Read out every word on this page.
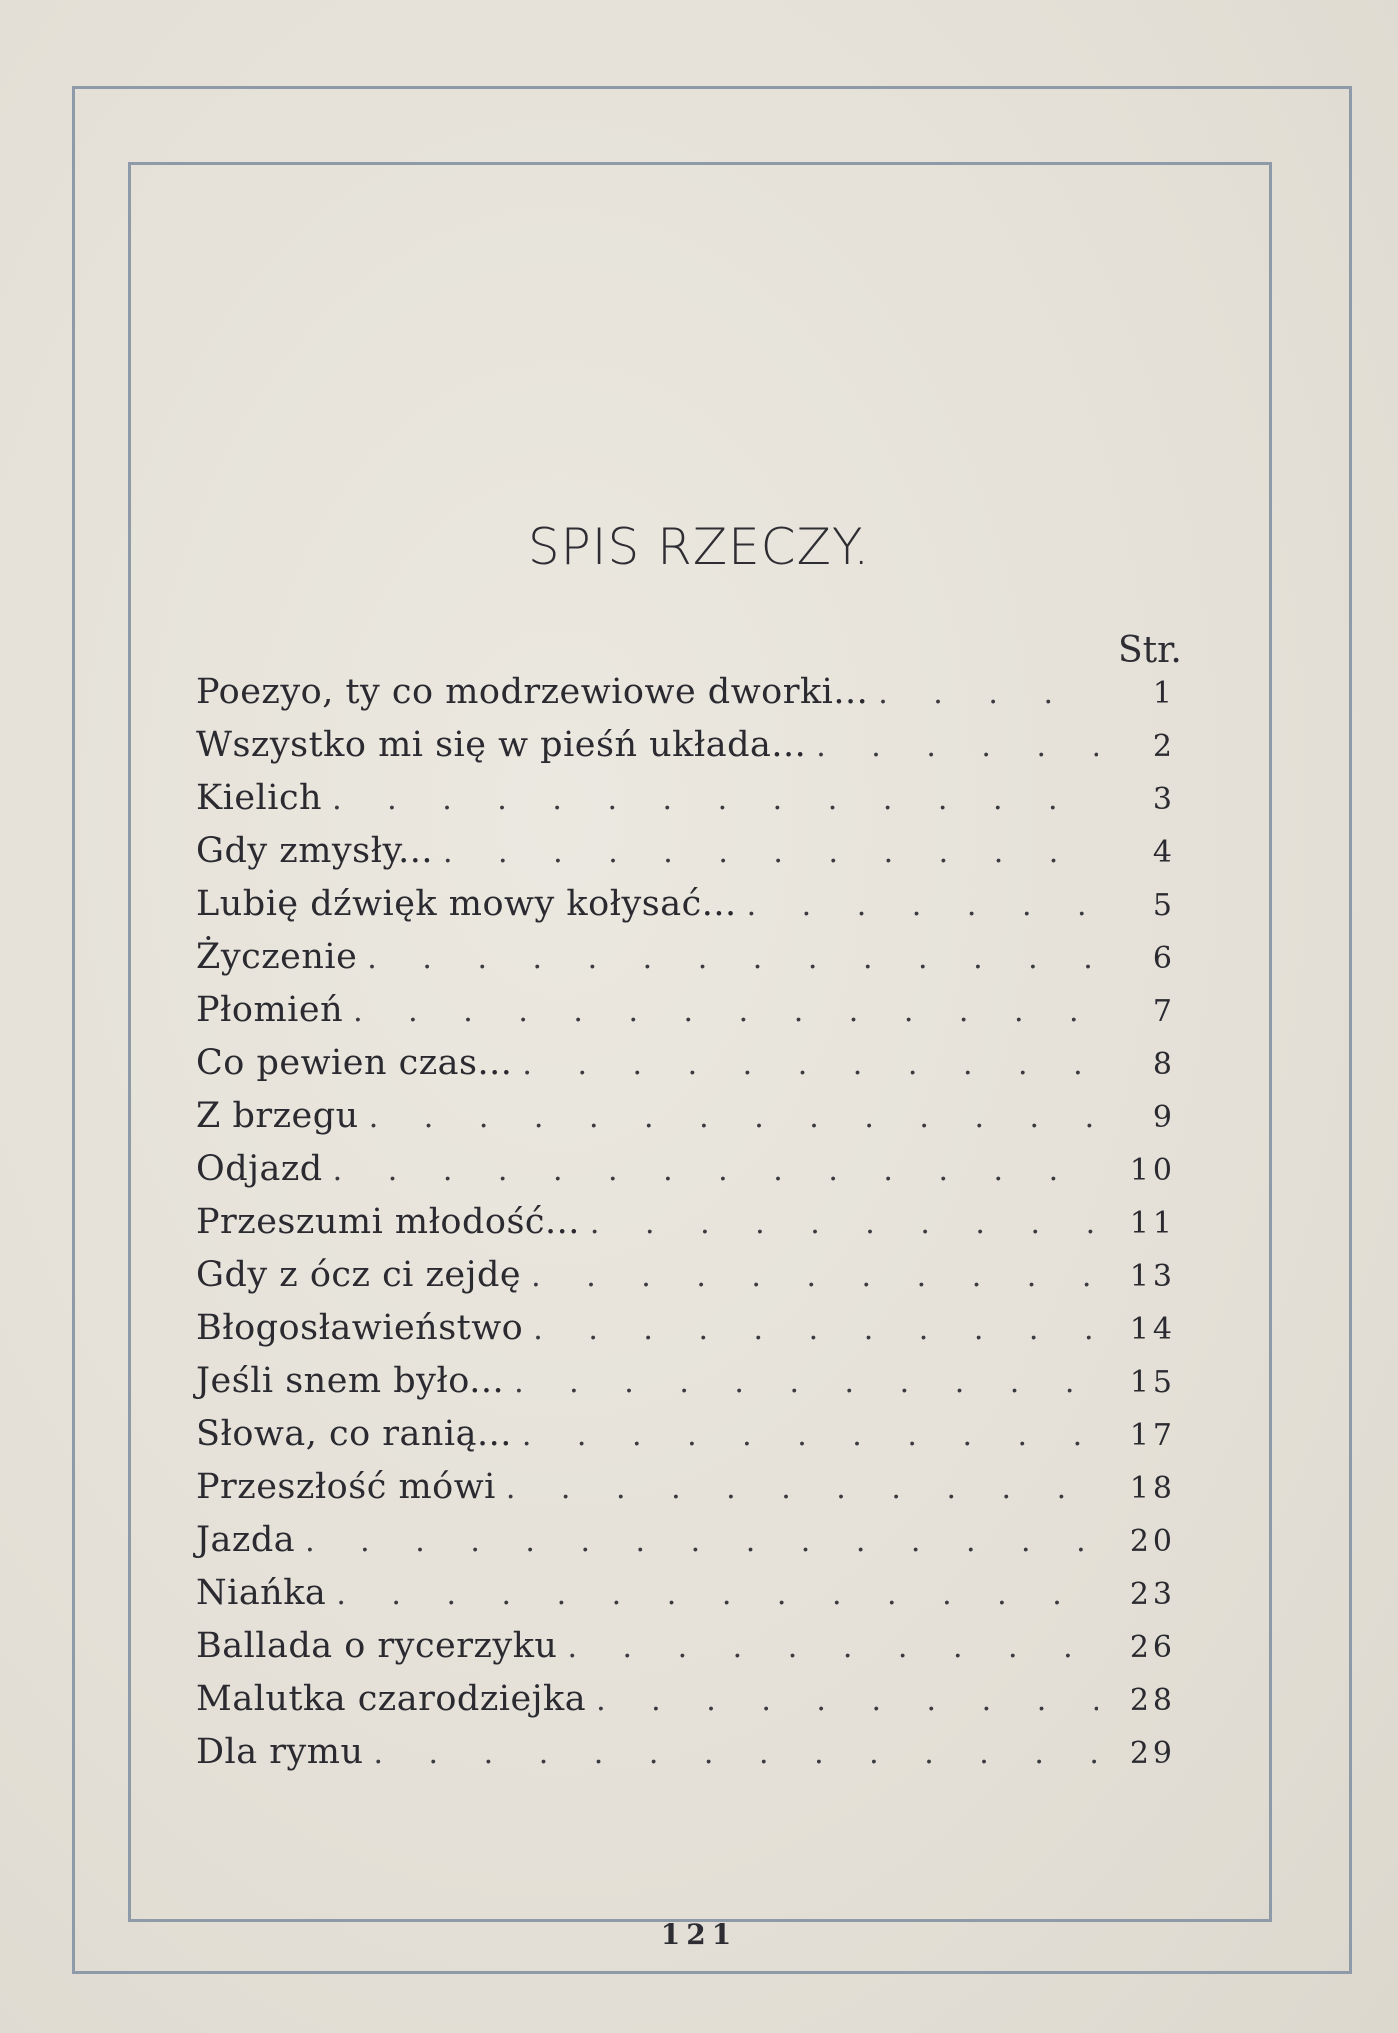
SPIS RZECZY.
Str.
Poezyo, ty co modrzewiowe dworki... . . .	1
Wszystko mi się w pieśń układa... . . .	2
Kielich . . .	3
Gdy zmysły... . . .	4
Lubię dźwięk mowy kołysać... . . .	5
Życzenie . . .	6
Płomień . . .	7
Co pewien czas... . . .	8
Z brzegu . . .	9
Odjazd . . .	10
Przeszumi młodość... . . .	11
Gdy z ócz ci zejdę . . .	13
Błogosławieństwo . . .	14
Jeśli snem było... . . .	15
Słowa, co ranią... . . .	17
Przeszłość mówi . . .	18
Jazda . . .	20
Niańka . . .	23
Ballada o rycerzyku . . .	26
Malutka czarodziejka . . .	28
Dla rymu . . .	29
121
